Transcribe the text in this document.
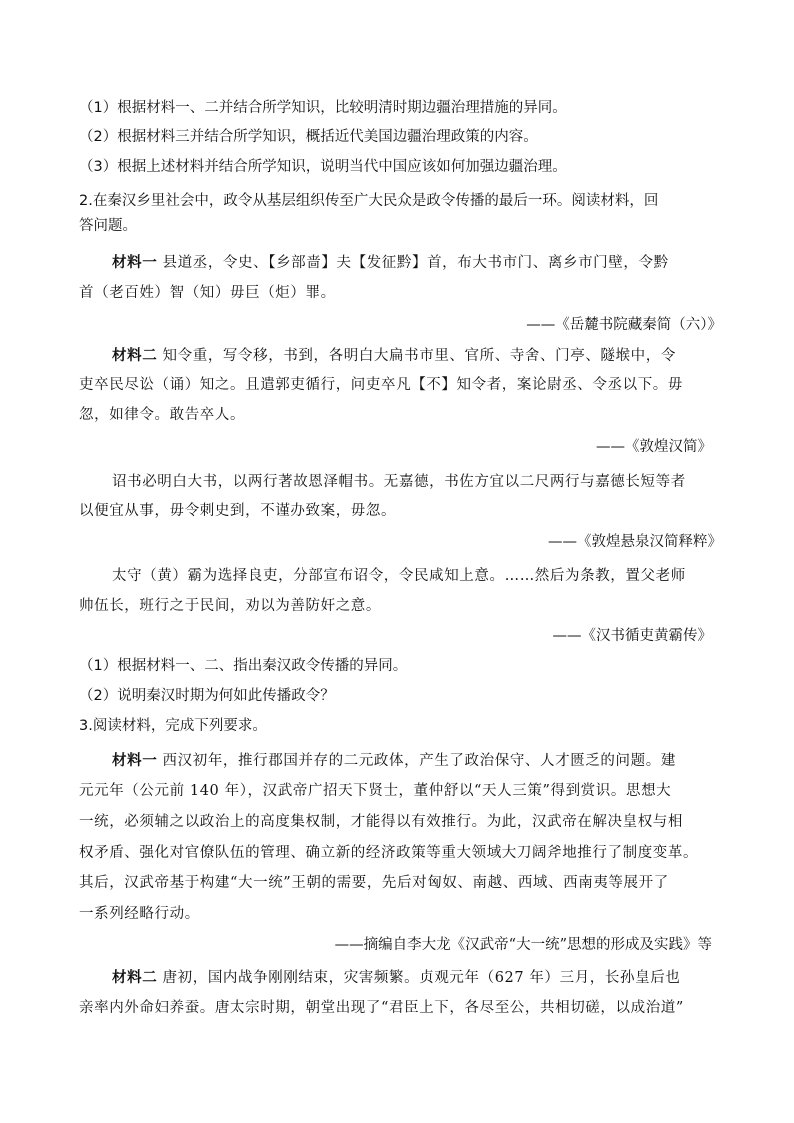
（1）根据材料一、二并结合所学知识，比较明清时期边疆治理措施的异同。
（2）根据材料三并结合所学知识，概括近代美国边疆治理政策的内容。
（3）根据上述材料并结合所学知识，说明当代中国应该如何加强边疆治理。
2.在秦汉乡里社会中，政令从基层组织传至广大民众是政令传播的最后一环。阅读材料，回
答问题。
材料一 县道丞，令史、【乡部啬】夫【发征黔】首，布大书市门、离乡市门壁，令黔
首（老百姓）智（知）毋巨（炬）罪。
——《岳麓书院藏秦简（六）》
材料二 知令重，写令移，书到，各明白大扁书市里、官所、寺舍、门亭、隧堠中，令
吏卒民尽讼（诵）知之。且遣郭吏循行，问吏卒凡【不】知令者，案论尉丞、令丞以下。毋
忽，如律令。敢告卒人。
——《敦煌汉简》
诏书必明白大书，以两行著故恩泽帽书。无嘉德，书佐方宜以二尺两行与嘉德长短等者
以便宜从事，毋令刺史到，不谨办致案，毋忽。
——《敦煌悬泉汉简释粹》
太守（黄）霸为选择良吏，分部宣布诏令，令民咸知上意。……然后为条教，置父老师
帅伍长，班行之于民间，劝以为善防奸之意。
——《汉书循吏黄霸传》
（1）根据材料一、二、指出秦汉政令传播的异同。
（2）说明秦汉时期为何如此传播政令？
3.阅读材料，完成下列要求。
材料一 西汉初年，推行郡国并存的二元政体，产生了政治保守、人才匮乏的问题。建
元元年（公元前 140 年），汉武帝广招天下贤士，董仲舒以“天人三策”得到赏识。思想大
一统，必须辅之以政治上的高度集权制，才能得以有效推行。为此，汉武帝在解决皇权与相
权矛盾、强化对官僚队伍的管理、确立新的经济政策等重大领域大刀阔斧地推行了制度变革。
其后，汉武帝基于构建“大一统”王朝的需要，先后对匈奴、南越、西域、西南夷等展开了
一系列经略行动。
——摘编自李大龙《汉武帝“大一统”思想的形成及实践》等
材料二 唐初，国内战争刚刚结束，灾害频繁。贞观元年（627 年）三月，长孙皇后也
亲率内外命妇养蚕。唐太宗时期，朝堂出现了“君臣上下，各尽至公，共相切磋，以成治道”
